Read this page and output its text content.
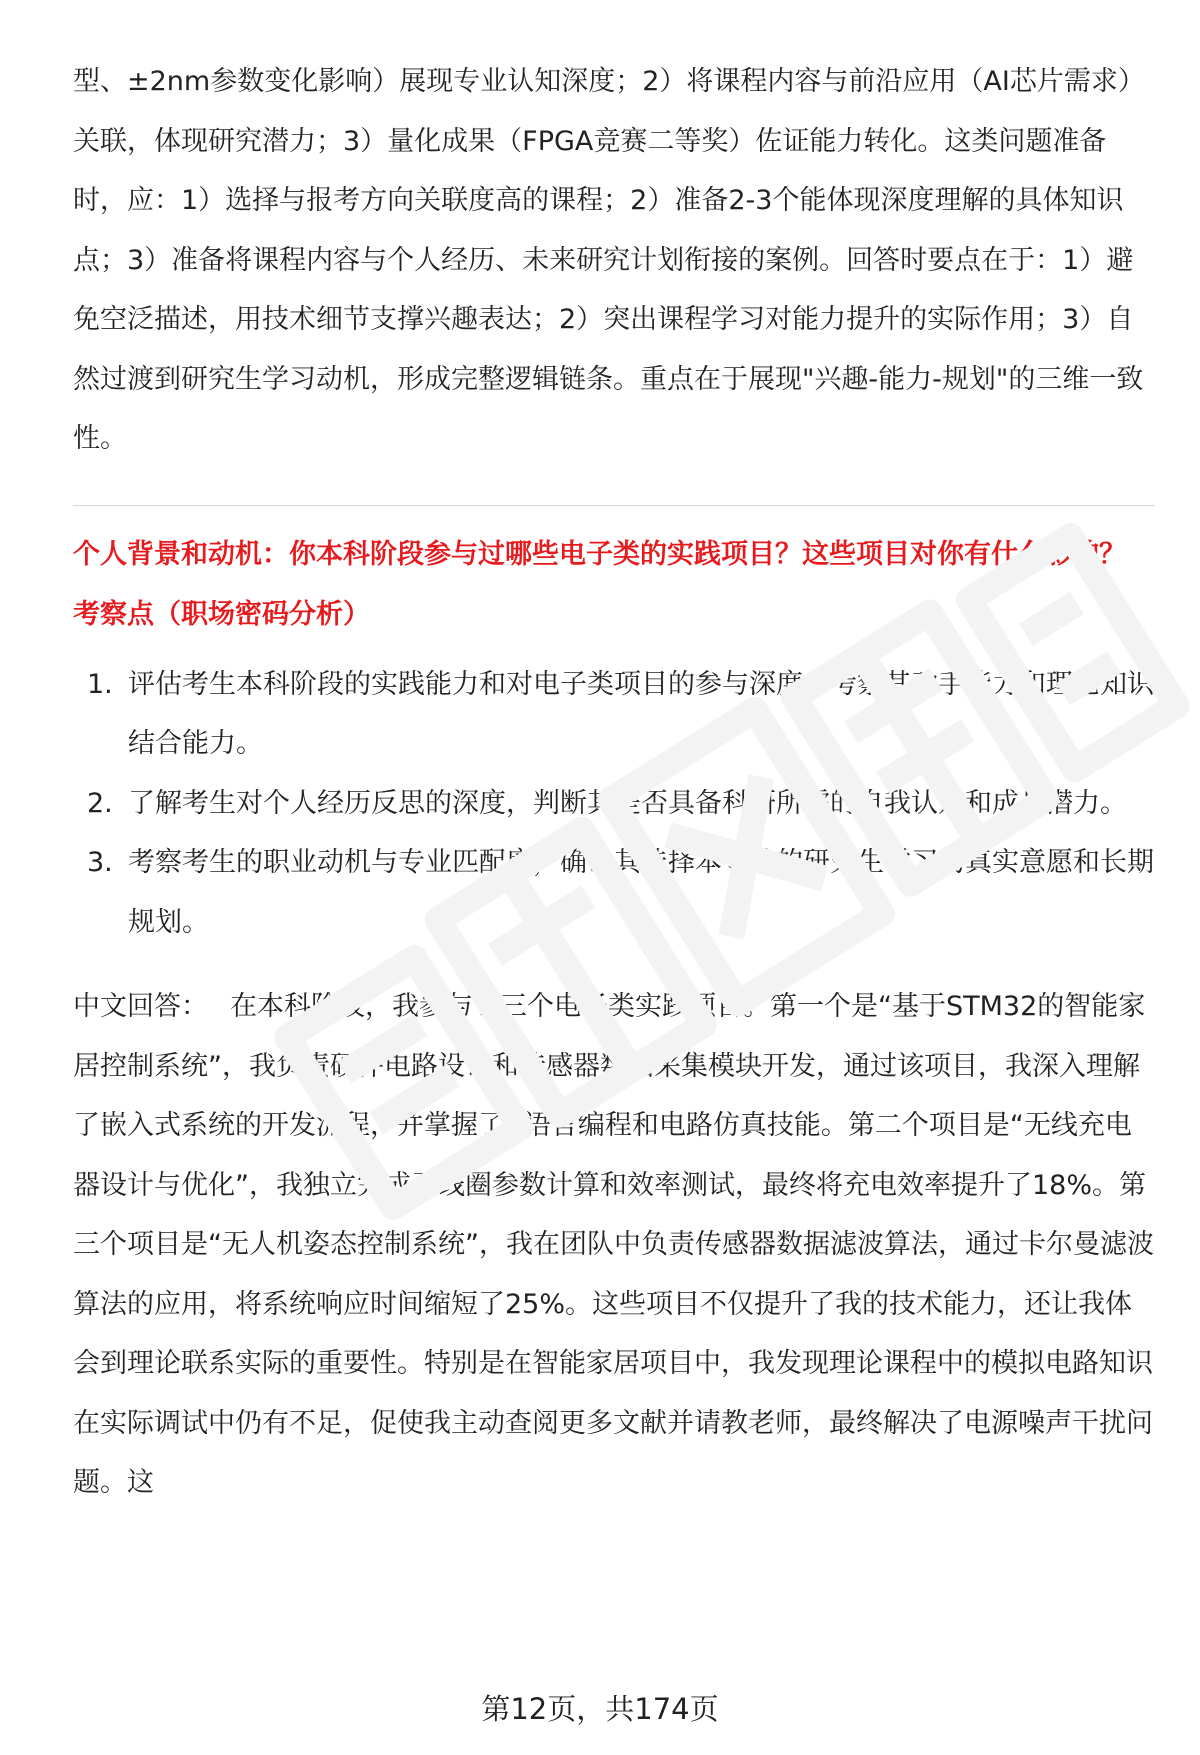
型、±2nm参数变化影响）展现专业认知深度；2）将课程内容与前沿应用（AI芯片需求）关联，体现研究潜力；3）量化成果（FPGA竞赛二等奖）佐证能力转化。这类问题准备时，应：1）选择与报考方向关联度高的课程；2）准备2-3个能体现深度理解的具体知识点；3）准备将课程内容与个人经历、未来研究计划衔接的案例。回答时要点在于：1）避免空泛描述，用技术细节支撑兴趣表达；2）突出课程学习对能力提升的实际作用；3）自然过渡到研究生学习动机，形成完整逻辑链条。重点在于展现"兴趣-能力-规划"的三维一致性。

个人背景和动机：你本科阶段参与过哪些电子类的实践项目？这些项目对你有什么影响？
考察点（职场密码分析）
1. 评估考生本科阶段的实践能力和对电子类项目的参与深度，考察其动手能力和理论知识结合能力。
2. 了解考生对个人经历反思的深度，判断其是否具备科研所需的自我认知和成长潜力。
3. 考察考生的职业动机与专业匹配度，确认其选择本专业的研究生学习的真实意愿和长期规划。

中文回答： 在本科阶段，我参与了三个电子类实践项目。第一个是“基于STM32的智能家居控制系统”，我负责硬件电路设计和传感器数据采集模块开发，通过该项目，我深入理解了嵌入式系统的开发流程，并掌握了C语言编程和电路仿真技能。第二个项目是“无线充电器设计与优化”，我独立完成了线圈参数计算和效率测试，最终将充电效率提升了18%。第三个项目是“无人机姿态控制系统”，我在团队中负责传感器数据滤波算法，通过卡尔曼滤波算法的应用，将系统响应时间缩短了25%。这些项目不仅提升了我的技术能力，还让我体会到理论联系实际的重要性。特别是在智能家居项目中，我发现理论课程中的模拟电路知识在实际调试中仍有不足，促使我主动查阅更多文献并请教老师，最终解决了电源噪声干扰问题。这

第12页，共174页
